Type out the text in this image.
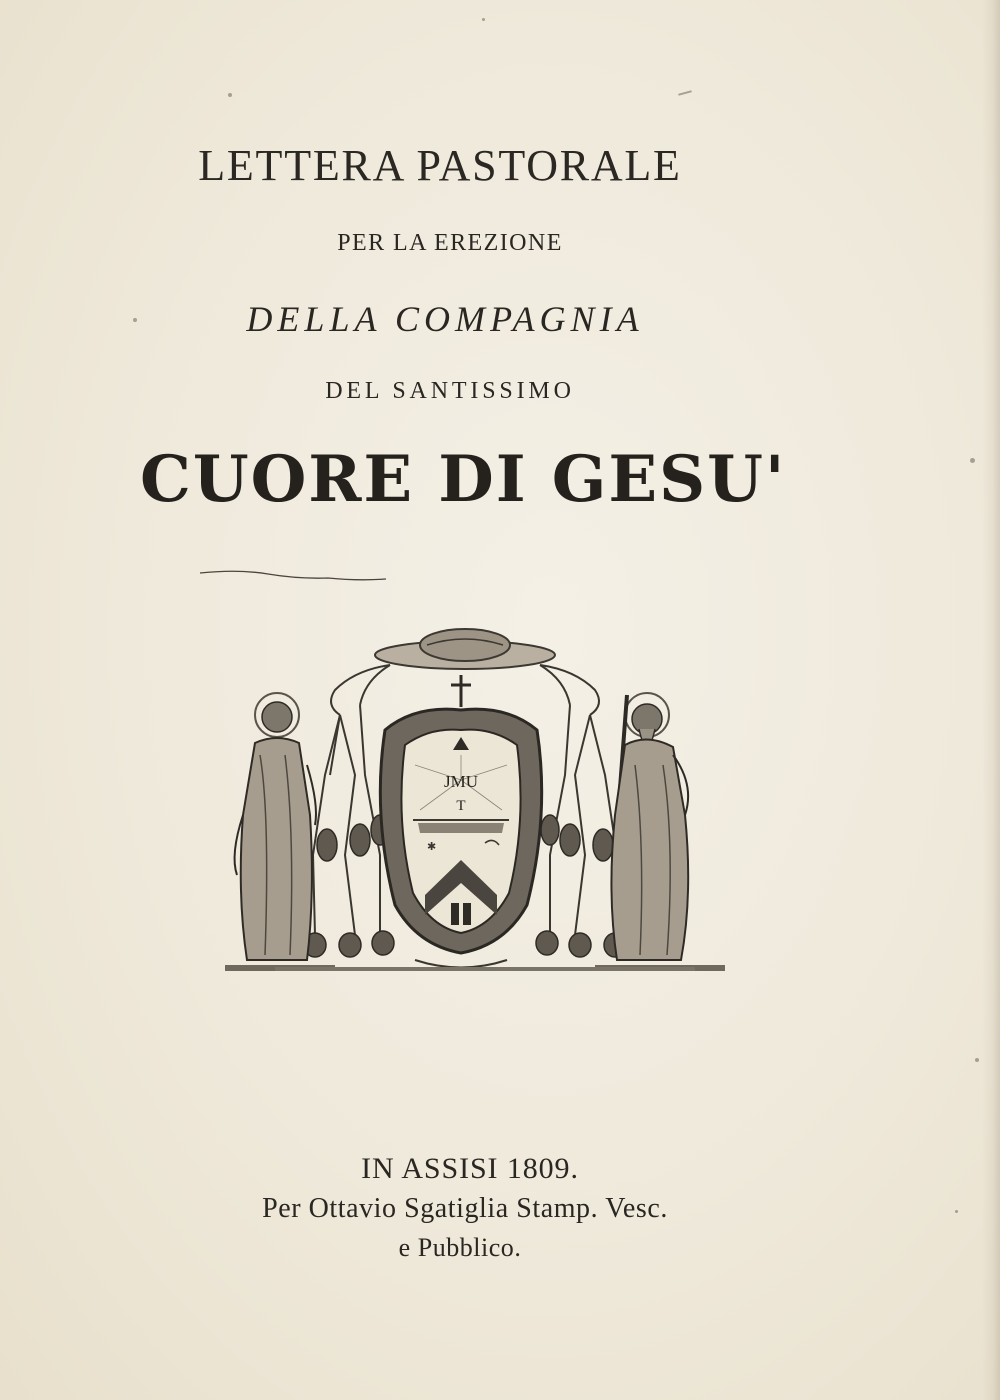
LETTERA PASTORALE
PER LA EREZIONE
DELLA COMPAGNIA
DEL SANTISSIMO
CUORE DI GESU'
JMU
T
✱
IN ASSISI 1809.
Per Ottavio Sgatiglia Stamp. Vesc.
e Pubblico.
